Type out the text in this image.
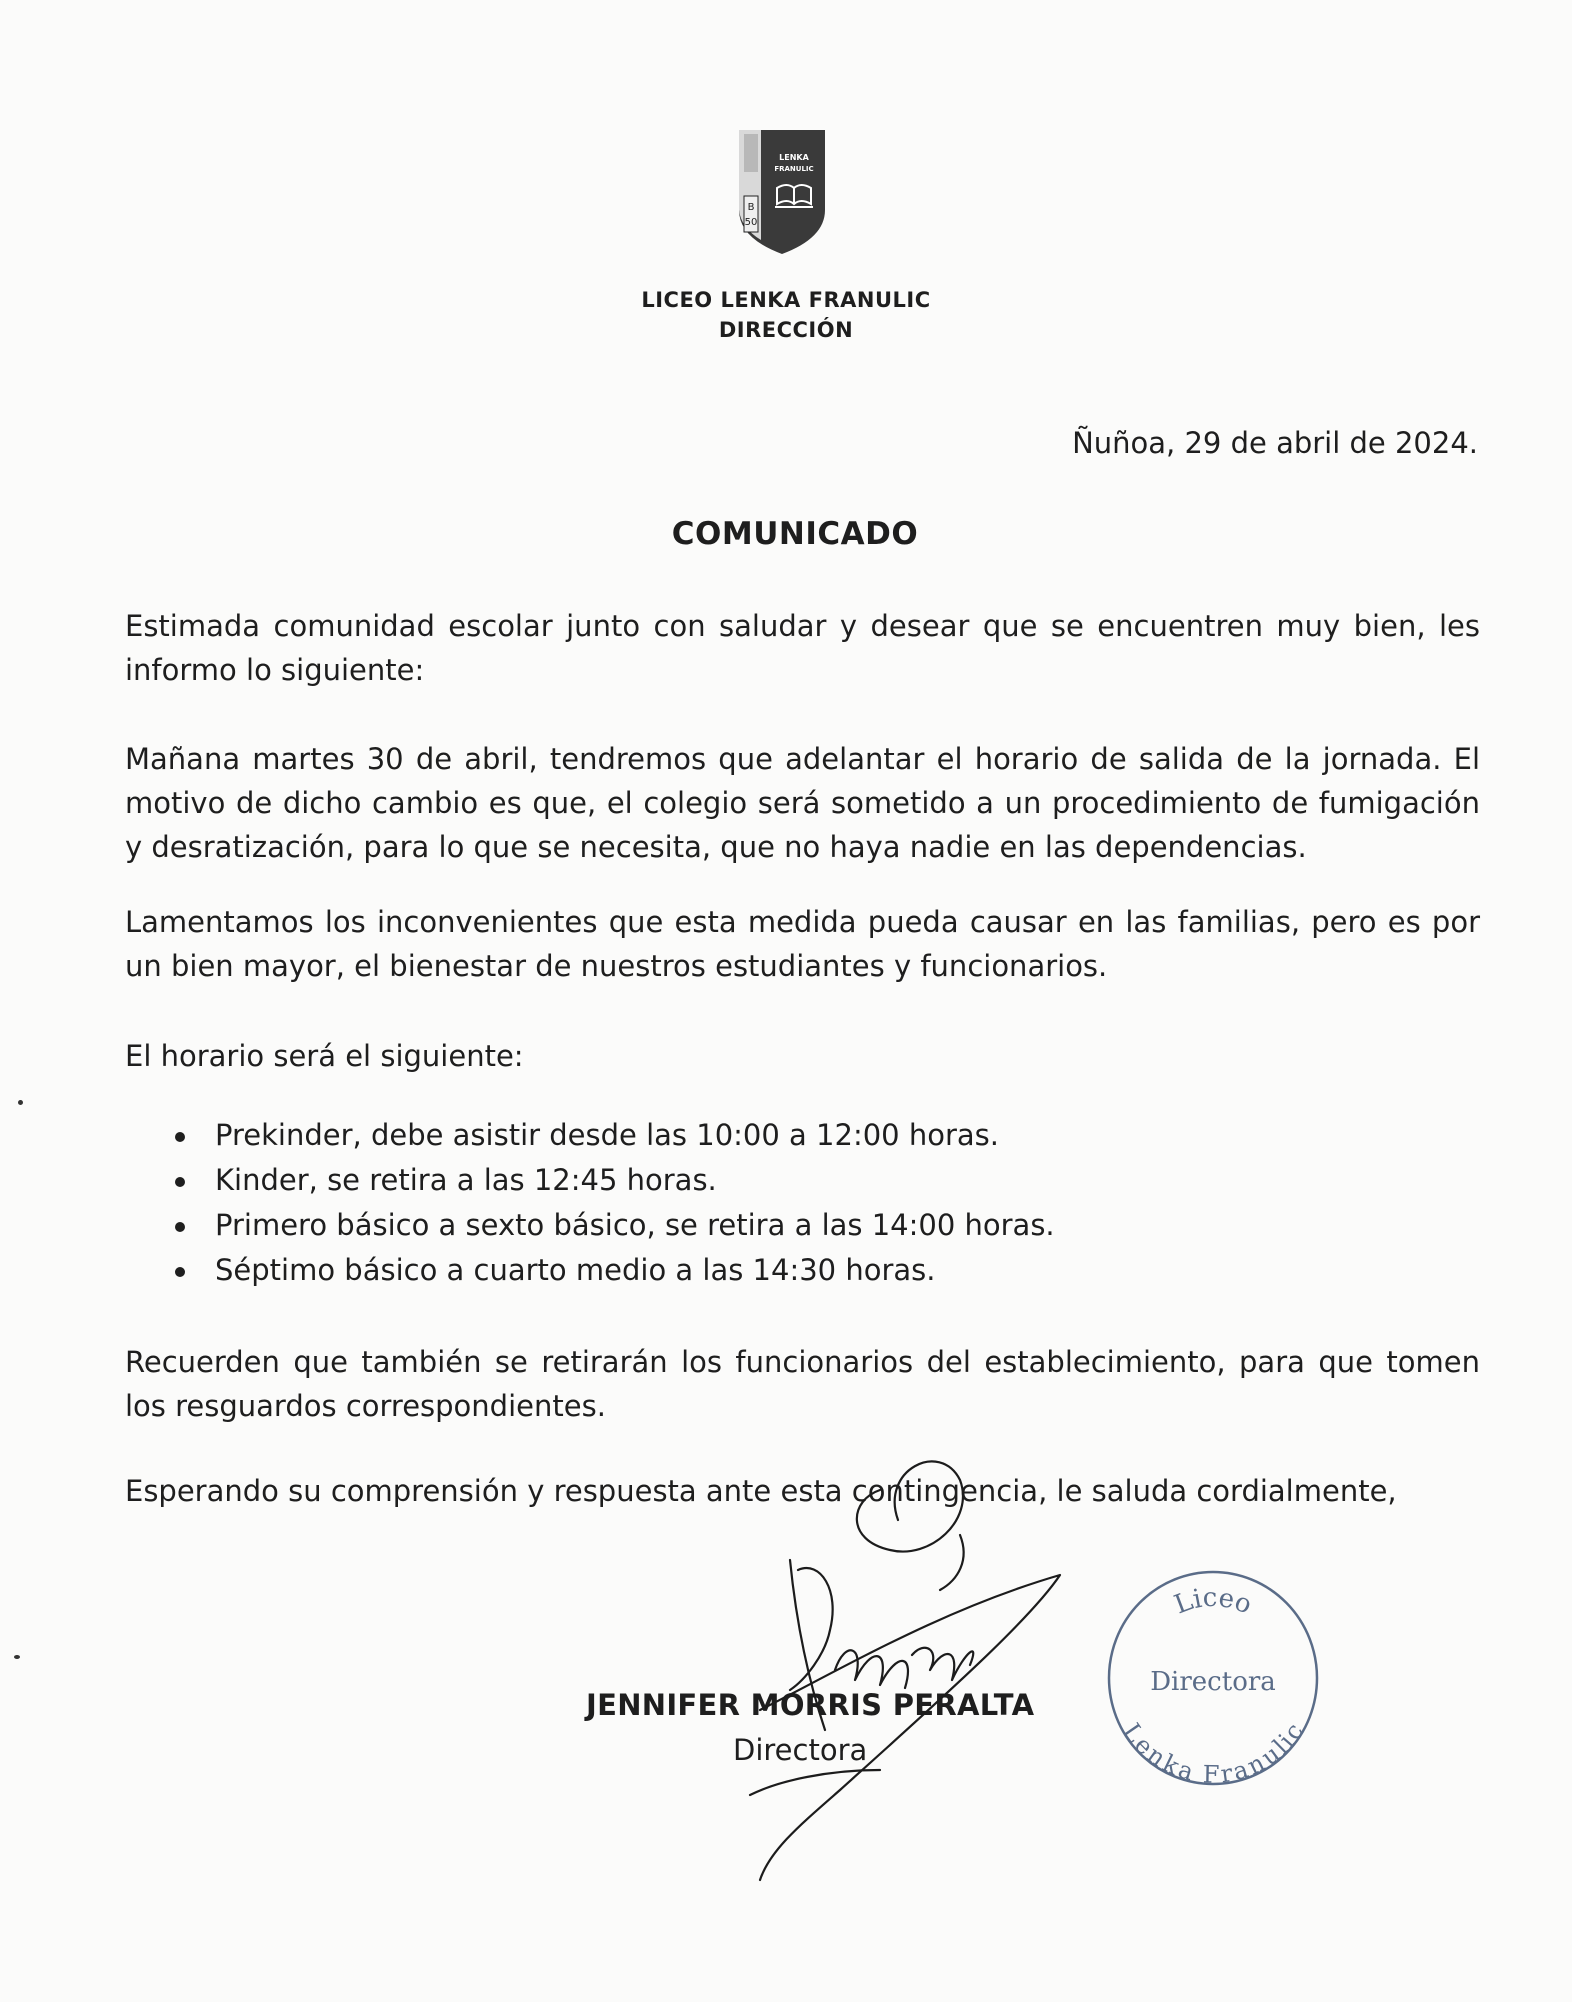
B
50
LENKA
FRANULIC
LICEO LENKA FRANULIC
DIRECCIÓN
Ñuñoa, 29 de abril de 2024.
COMUNICADO
Estimada comunidad escolar junto con saludar y desear que se encuentren muy bien, les informo lo siguiente:
Mañana martes 30 de abril, tendremos que adelantar el horario de salida de la jornada. El motivo de dicho cambio es que, el colegio será sometido a un procedimiento de fumigación y desratización, para lo que se necesita, que no haya nadie en las dependencias.
Lamentamos los inconvenientes que esta medida pueda causar en las familias, pero es por un bien mayor, el bienestar de nuestros estudiantes y funcionarios.
El horario será el siguiente:
Prekinder, debe asistir desde las 10:00 a 12:00 horas.
Kinder, se retira a las 12:45 horas.
Primero básico a sexto básico, se retira a las 14:00 horas.
Séptimo básico a cuarto medio a las 14:30 horas.
Recuerden que también se retirarán los funcionarios del establecimiento, para que tomen los resguardos correspondientes.
Esperando su comprensión y respuesta ante esta contingencia, le saluda cordialmente,
JENNIFER MORRIS PERALTA
Directora
Liceo
Directora
Lenka Franulic
